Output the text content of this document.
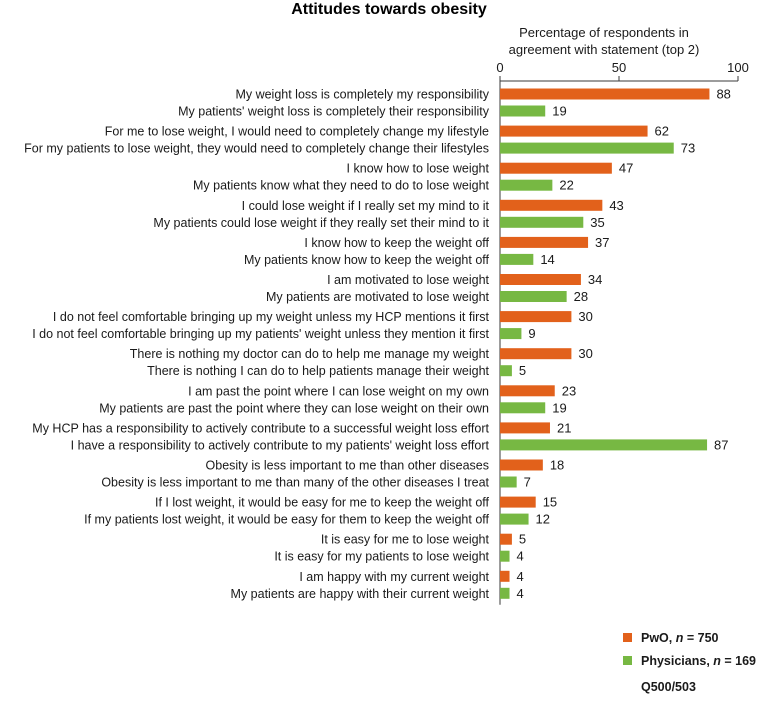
Attitudes towards obesity
Percentage of respondents in
agreement with statement (top 2)
0	50	100
88
19
62
73
47
22
43
35
37
14
34
28
30
9
30
5
23
19
21
87
18
7
15
12
5
4
4
4
My weight loss is completely my responsibility
My patients' weight loss is completely their responsibility
For me to lose weight, I would need to completely change my lifestyle
For my patients to lose weight, they would need to completely change their lifestyles
I know how to lose weight
My patients know what they need to do to lose weight
I could lose weight if I really set my mind to it
My patients could lose weight if they really set their mind to it
I know how to keep the weight off
My patients know how to keep the weight off
I am motivated to lose weight
My patients are motivated to lose weight
I do not feel comfortable bringing up my weight unless my HCP mentions it first
I do not feel comfortable bringing up my patients' weight unless they mention it first
There is nothing my doctor can do to help me manage my weight
There is nothing I can do to help patients manage their weight
I am past the point where I can lose weight on my own
My patients are past the point where they can lose weight on their own
My HCP has a responsibility to actively contribute to a successful weight loss effort
I have a responsibility to actively contribute to my patients' weight loss effort
Obesity is less important to me than other diseases
Obesity is less important to me than many of the other diseases I treat
If I lost weight, it would be easy for me to keep the weight off
If my patients lost weight, it would be easy for them to keep the weight off
It is easy for me to lose weight
It is easy for my patients to lose weight
I am happy with my current weight
My patients are happy with their current weight
PwO, n = 750
Physicians, n = 169
Q500/503
